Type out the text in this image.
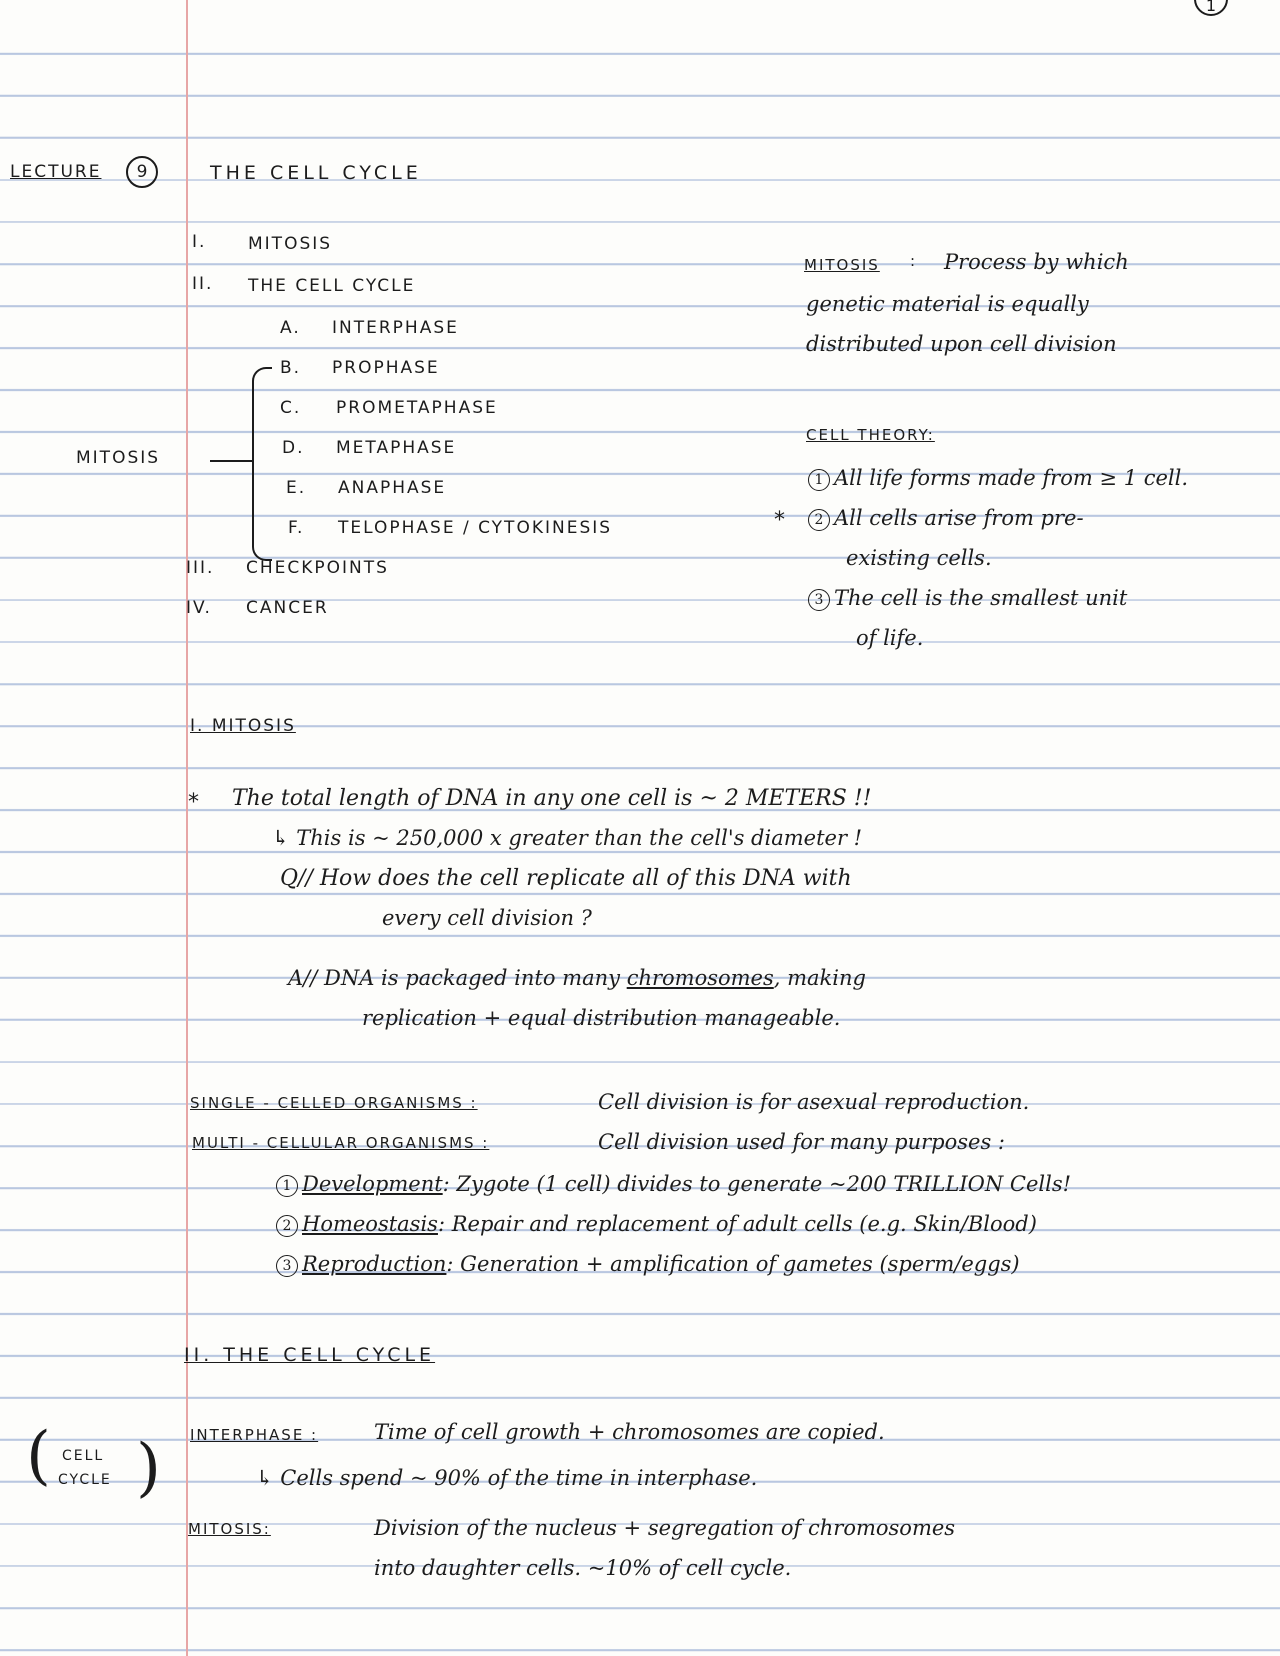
1
LECTURE	9	THE CELL CYCLE
I. MITOSIS
II. THE CELL CYCLE
A. INTERPHASE
B. PROPHASE
C. PROMETAPHASE
D. METAPHASE
E. ANAPHASE
F. TELOPHASE / CYTOKINESIS
III. CHECKPOINTS
IV. CANCER
MITOSIS
MITOSIS : Process by which
genetic material is equally
distributed upon cell division
CELL THEORY:
1 All life forms made from ≥ 1 cell.
*	2 All cells arise from pre-
existing cells.
3 The cell is the smallest unit
of life.
I. MITOSIS
* The total length of DNA in any one cell is ~ 2 METERS !!
↳ This is ~ 250,000 x greater than the cell's diameter !
Q// How does the cell replicate all of this DNA with
every cell division ?
A// DNA is packaged into many chromosomes, making
replication + equal distribution manageable.
SINGLE - CELLED ORGANISMS :	Cell division is for asexual reproduction.
MULTI - CELLULAR ORGANISMS :	Cell division used for many purposes :
1 Development: Zygote (1 cell) divides to generate ~200 TRILLION Cells!
2 Homeostasis: Repair and replacement of adult cells (e.g. Skin/Blood)
3 Reproduction: Generation + amplification of gametes (sperm/eggs)
II. THE CELL CYCLE
( CELL
CYCLE ) INTERPHASE :	Time of cell growth + chromosomes are copied.
↳ Cells spend ~ 90% of the time in interphase.
MITOSIS:	Division of the nucleus + segregation of chromosomes
into daughter cells. ~10% of cell cycle.
